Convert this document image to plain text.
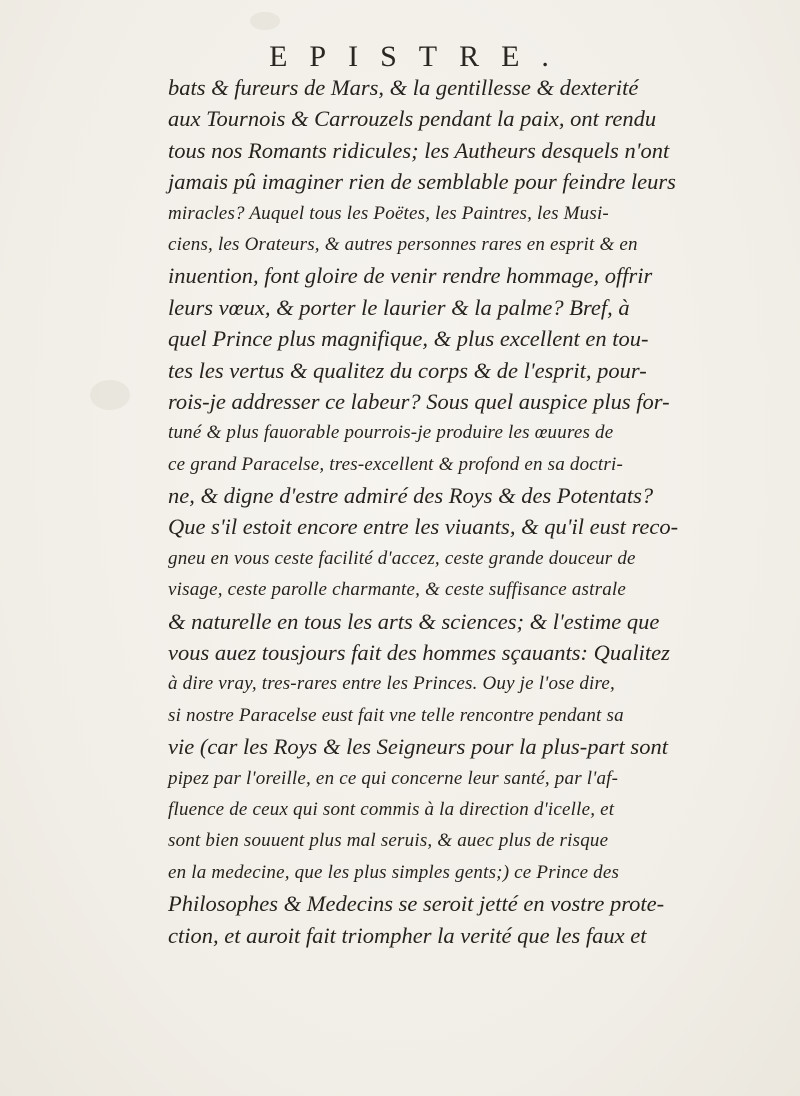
EPISTRE.
bats & fureurs de Mars, & la gentillesse & dexterité
aux Tournois & Carrouzels pendant la paix, ont rendu
tous nos Romants ridicules; les Autheurs desquels n'ont
jamais pû imaginer rien de semblable pour feindre leurs
miracles? Auquel tous les Poëtes, les Paintres, les Musi-
ciens, les Orateurs, & autres personnes rares en esprit & en
inuention, font gloire de venir rendre hommage, offrir
leurs vœux, & porter le laurier & la palme? Bref, à
quel Prince plus magnifique, & plus excellent en tou-
tes les vertus & qualitez du corps & de l'esprit, pour-
rois-je addresser ce labeur? Sous quel auspice plus for-
tuné & plus fauorable pourrois-je produire les œuures de
ce grand Paracelse, tres-excellent & profond en sa doctri-
ne, & digne d'estre admiré des Roys & des Potentats?
Que s'il estoit encore entre les viuants, & qu'il eust reco-
gneu en vous ceste facilité d'accez, ceste grande douceur de
visage, ceste parolle charmante, & ceste suffisance astrale
& naturelle en tous les arts & sciences; & l'estime que
vous auez tousjours fait des hommes sçauants: Qualitez
à dire vray, tres-rares entre les Princes. Ouy je l'ose dire,
si nostre Paracelse eust fait vne telle rencontre pendant sa
vie (car les Roys & les Seigneurs pour la plus-part sont
pipez par l'oreille, en ce qui concerne leur santé, par l'af-
fluence de ceux qui sont commis à la direction d'icelle, et
sont bien souuent plus mal seruis, & auec plus de risque
en la medecine, que les plus simples gents;) ce Prince des
Philosophes & Medecins se seroit jetté en vostre prote-
ction, et auroit fait triompher la verité que les faux et
